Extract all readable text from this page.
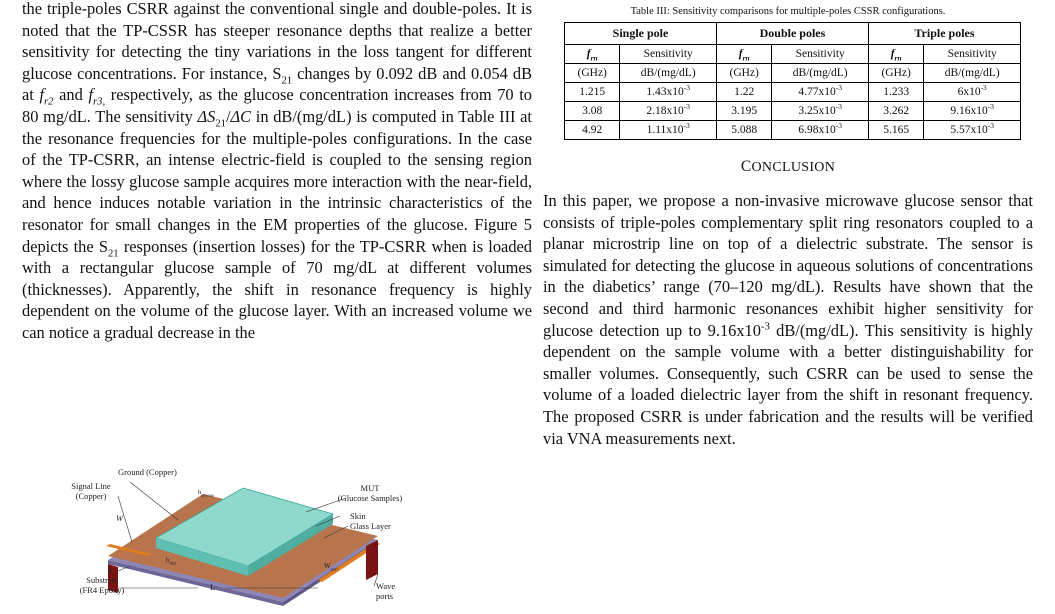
the triple-poles CSRR against the conventional single and double-poles. It is noted that the TP-CSSR has steeper resonance depths that realize a better sensitivity for detecting the tiny variations in the loss tangent for different glucose concentrations. For instance, $S_{21}$ changes by 0.092 dB and 0.054 dB at $f_{r2}$ and $f_{r3,}$ respectively, as the glucose concentration increases from 70 to 80 mg/dL. The sensitivity $\Delta S_{21}/\Delta C$ in dB/(mg/dL) is computed in Table III at the resonance frequencies for the multiple-poles configurations. In the case of the TP-CSRR, an intense electric-field is coupled to the sensing region where the lossy glucose sample acquires more interaction with the near-field, and hence induces notable variation in the intrinsic characteristics of the resonator for small changes in the EM properties of the glucose. Figure 5 depicts the $S_{21}$ responses (insertion losses) for the TP-CSRR when is loaded with a rectangular glucose sample of 70 mg/dL at different volumes (thicknesses). Apparently, the shift in resonance frequency is highly dependent on the volume of the glucose layer. With an increased volume we can notice a gradual decrease in the

Ground (Copper)
Signal Line
(Copper)
MUT
(Glucose Samples)
Skin
Glass Layer
W
h
L
$h_{glucose}$
$h_{skin}$	$W_{port}$
Substrate
(FR4 Epoxy)	Wave
ports
Table III: Sensitivity comparisons for multiple-poles CSSR configurations.
Single pole		Double poles		Triple poles	
$f_{rn}$	Sensitivity	$f_{rn}$	Sensitivity	$f_{rn}$	Sensitivity
(GHz)	dB/(mg/dL)	(GHz)	dB/(mg/dL)	(GHz)	dB/(mg/dL)
1.215	$1.43x10^{-3}$	1.22	$4.77x10^{-3}$	1.233	$6x10^{-3}$
3.08	$2.18x10^{-3}$	3.195	$3.25x10^{-3}$	3.262	$9.16x10^{-3}$
4.92	$1.11x10^{-3}$	5.088	$6.98x10^{-3}$	5.165	$5.57x10^{-3}$
CONCLUSION

In this paper, we propose a non-invasive microwave glucose sensor that consists of triple-poles complementary split ring resonators coupled to a planar microstrip line on top of a dielectric substrate. The sensor is simulated for detecting the glucose in aqueous solutions of concentrations in the diabetics’ range (70–120 mg/dL). Results have shown that the second and third harmonic resonances exhibit higher sensitivity for glucose detection up to $9.16x10^{-3}$ dB/(mg/dL). This sensitivity is highly dependent on the sample volume with a better distinguishability for smaller volumes. Consequently, such CSRR can be used to sense the volume of a loaded dielectric layer from the shift in resonant frequency. The proposed CSRR is under fabrication and the results will be verified via VNA measurements next.
